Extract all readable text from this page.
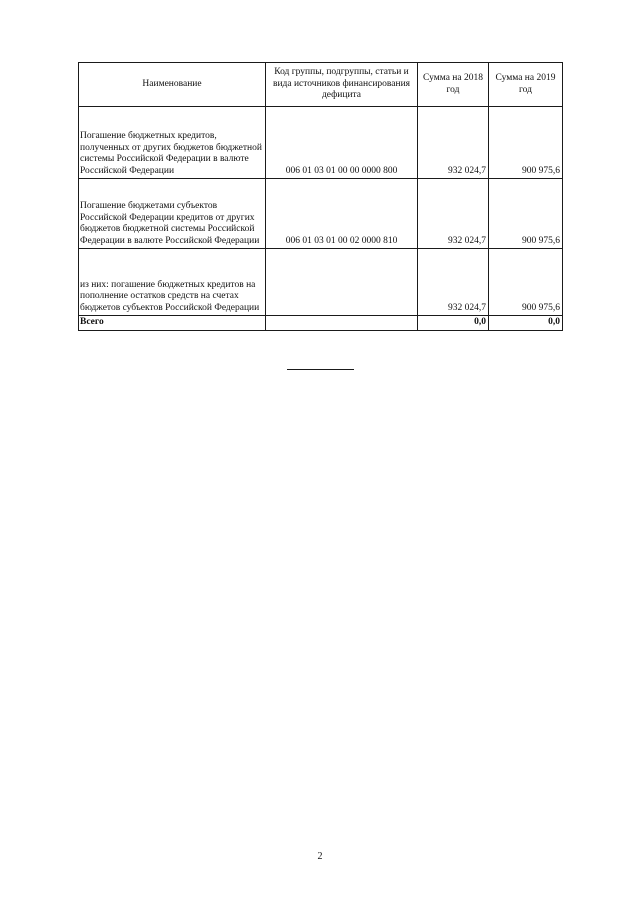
Наименование	Код группы, подгруппы, статьи и вида источников финансирования дефицита	Сумма на 2018 год	Сумма на 2019 год
Погашение бюджетных кредитов, полученных от других бюджетов бюджетной системы Российской Федерации в валюте Российской Федерации	006 01 03 01 00 00 0000 800	932 024,7	900 975,6
Погашение бюджетами субъектов Российской Федерации кредитов от других бюджетов бюджетной системы Российской Федерации в валюте Российской Федерации	006 01 03 01 00 02 0000 810	932 024,7	900 975,6
из них: погашение бюджетных кредитов на пополнение остатков средств на счетах бюджетов субъектов Российской Федерации		932 024,7	900 975,6
Всего		0,0	0,0
2
